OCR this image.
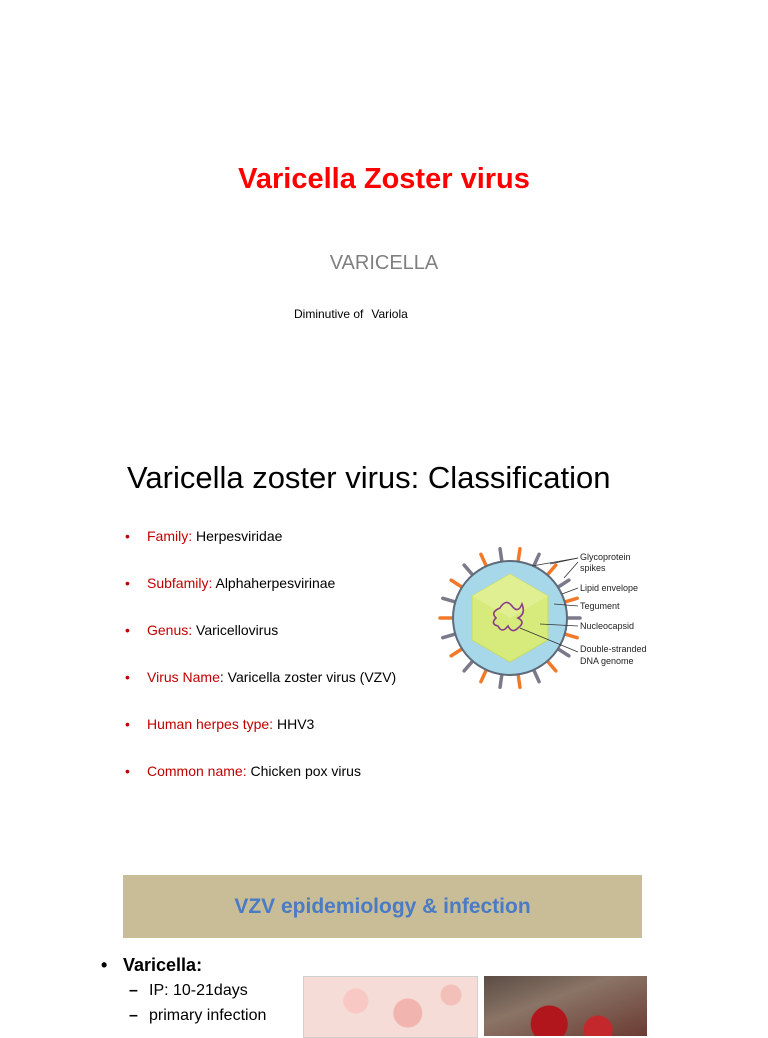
Varicella Zoster virus
VARICELLA
Diminutive of Variola
Varicella zoster virus: Classification
• Family: Herpesviridae
• Subfamily: Alphaherpesvirinae
• Genus: Varicellovirus
• Virus Name: Varicella zoster virus (VZV)
• Human herpes type: HHV3
• Common name: Chicken pox virus
Glycoprotein
spikes
Lipid envelope
Tegument
Nucleocapsid
Double-stranded
DNA genome
VZV epidemiology & infection
• Varicella:
– IP: 10-21days
– primary infection
